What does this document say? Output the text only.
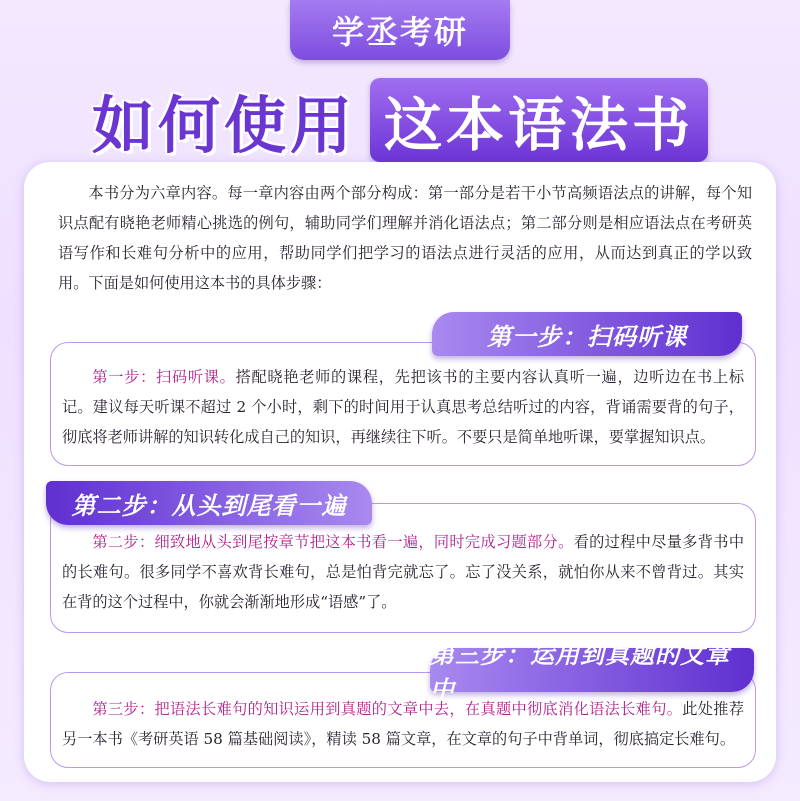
学丞考研
如何使用 这本语法书

本书分为六章内容。每一章内容由两个部分构成：第一部分是若干小节高频语法点的讲解，每个知识点配有晓艳老师精心挑选的例句，辅助同学们理解并消化语法点；第二部分则是相应语法点在考研英语写作和长难句分析中的应用，帮助同学们把学习的语法点进行灵活的应用，从而达到真正的学以致用。下面是如何使用这本书的具体步骤：

第一步：扫码听课

第一步：扫码听课。搭配晓艳老师的课程，先把该书的主要内容认真听一遍，边听边在书上标记。建议每天听课不超过 2 个小时，剩下的时间用于认真思考总结听过的内容，背诵需要背的句子，彻底将老师讲解的知识转化成自己的知识，再继续往下听。不要只是简单地听课，要掌握知识点。

第二步：从头到尾看一遍

第二步：细致地从头到尾按章节把这本书看一遍，同时完成习题部分。看的过程中尽量多背书中的长难句。很多同学不喜欢背长难句，总是怕背完就忘了。忘了没关系，就怕你从来不曾背过。其实在背的这个过程中，你就会渐渐地形成“语感”了。

第三步：运用到真题的文章中

第三步：把语法长难句的知识运用到真题的文章中去，在真题中彻底消化语法长难句。此处推荐另一本书《考研英语 58 篇基础阅读》，精读 58 篇文章，在文章的句子中背单词，彻底搞定长难句。
